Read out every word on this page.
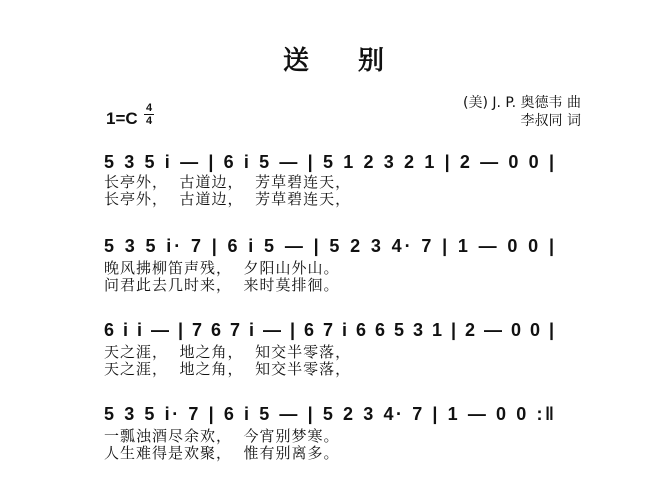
送 别
(美) J. P. 奥德韦 曲
李叔同 词
1=C
4
4
5 3 5 i — | 6 i 5 — | 5 1 2 3 2 1 | 2 — 0 0 |
5 3 5 i· 7 | 6 i 5 — | 5 2 3 4· 7 | 1 — 0 0 |
6 i i — | 7 6 7 i — | 6 7 i 6 6 5 3 1 | 2 — 0 0 |
5 3 5 i· 7 | 6 i 5 — | 5 2 3 4· 7 | 1 — 0 0 :‖
长亭外，  古道边，  芳草碧连天，
长亭外，  古道边，  芳草碧连天，
晚风拂柳笛声残，  夕阳山外山。
问君此去几时来，  来时莫排徊。
天之涯，  地之角，  知交半零落，
天之涯，  地之角，  知交半零落，
一瓢浊酒尽余欢，  今宵别梦寒。
人生难得是欢聚，  惟有别离多。
